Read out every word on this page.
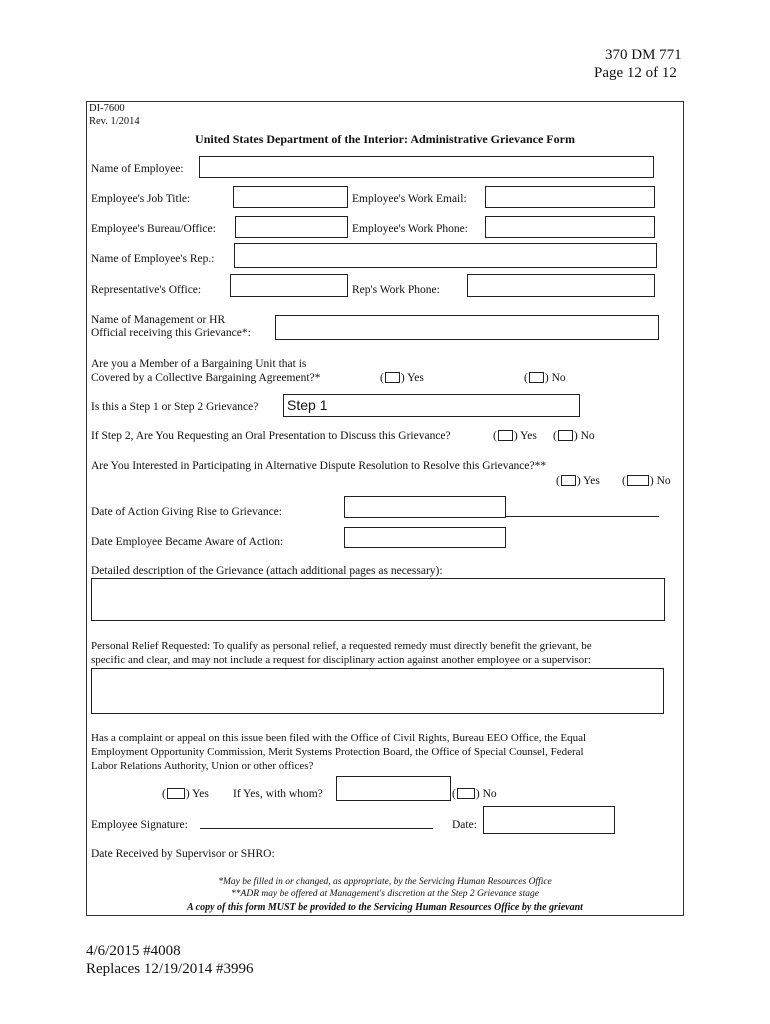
370 DM 771
Page 12 of 12
DI-7600
Rev. 1/2014
United States Department of the Interior: Administrative Grievance Form
Name of Employee:
Employee's Job Title:	Employee's Work Email:
Employee's Bureau/Office:	Employee's Work Phone:
Name of Employee's Rep.:
Representative's Office:	Rep's Work Phone:
Name of Management or HR
Official receiving this Grievance*:
Are you a Member of a Bargaining Unit that is
Covered by a Collective Bargaining Agreement?*	( ) Yes	( ) No
Is this a Step 1 or Step 2 Grievance? Step 1
If Step 2, Are You Requesting an Oral Presentation to Discuss this Grievance?	( ) Yes ( ) No
Are You Interested in Participating in Alternative Dispute Resolution to Resolve this Grievance?**
( ) Yes ( ) No
Date of Action Giving Rise to Grievance:
Date Employee Became Aware of Action:
Detailed description of the Grievance (attach additional pages as necessary):
Personal Relief Requested: To qualify as personal relief, a requested remedy must directly benefit the grievant, be
specific and clear, and may not include a request for disciplinary action against another employee or a supervisor:
Has a complaint or appeal on this issue been filed with the Office of Civil Rights, Bureau EEO Office, the Equal
Employment Opportunity Commission, Merit Systems Protection Board, the Office of Special Counsel, Federal
Labor Relations Authority, Union or other offices?
( ) Yes If Yes, with whom?	( ) No
Employee Signature:	Date:
Date Received by Supervisor or SHRO:
*May be filled in or changed, as appropriate, by the Servicing Human Resources Office
**ADR may be offered at Management's discretion at the Step 2 Grievance stage
A copy of this form MUST be provided to the Servicing Human Resources Office by the grievant
4/6/2015 #4008
Replaces 12/19/2014 #3996
